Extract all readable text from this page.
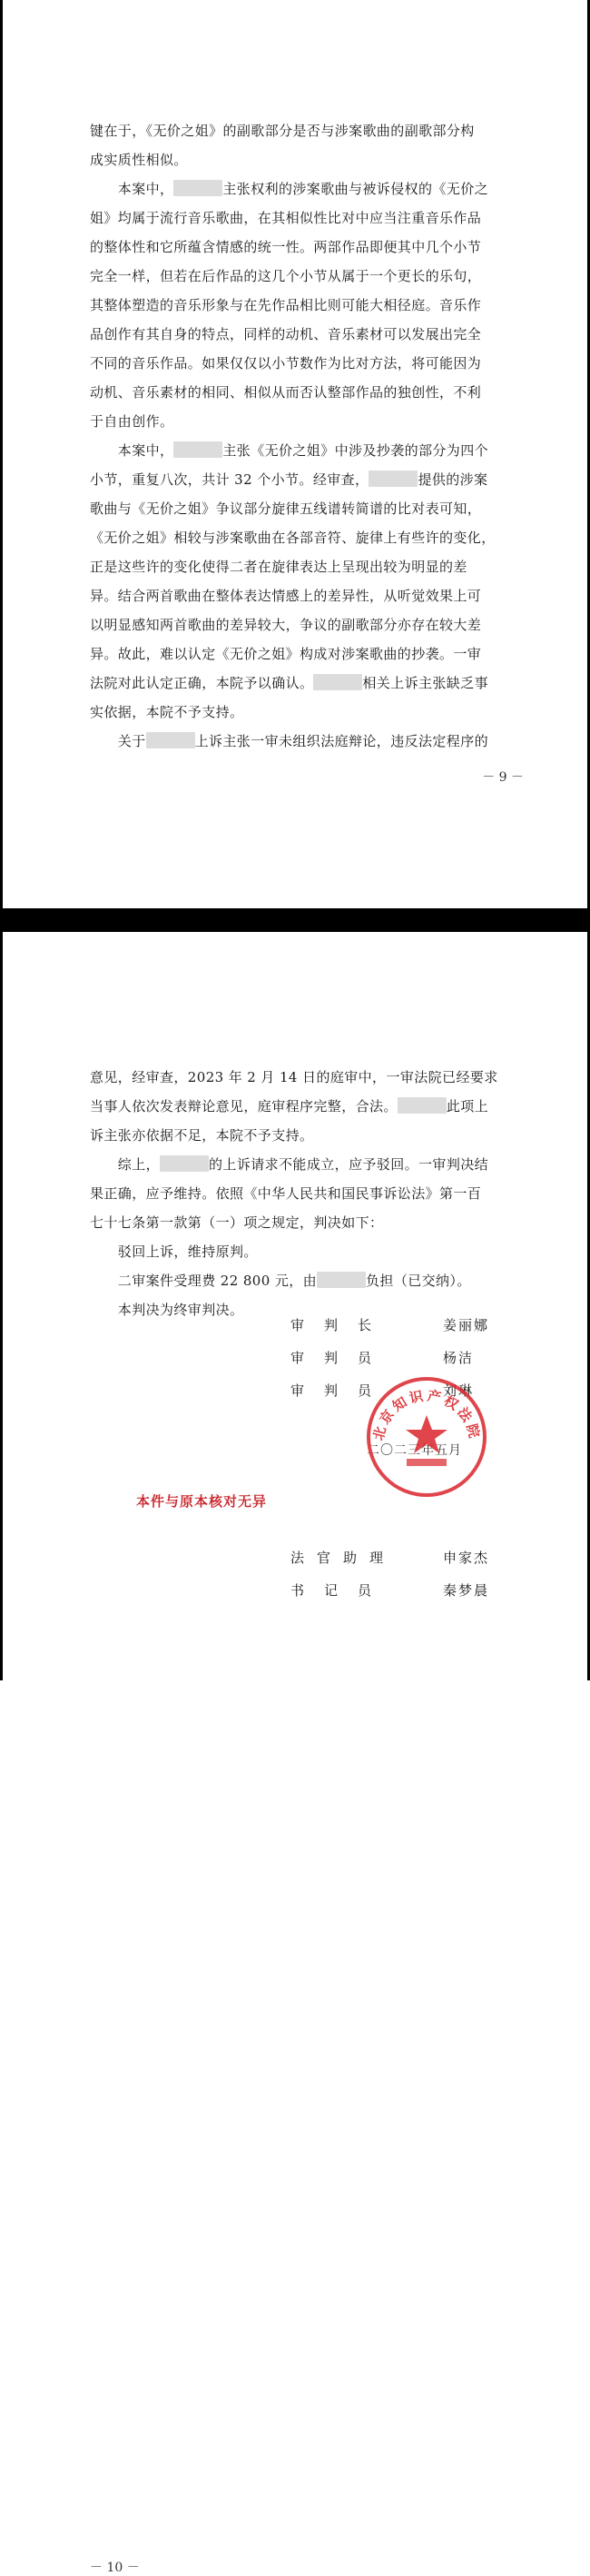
键在于，《无价之姐》的副歌部分是否与涉案歌曲的副歌部分构
成实质性相似。
　　本案中，	主张权利的涉案歌曲与被诉侵权的《无价之
姐》均属于流行音乐歌曲，在其相似性比对中应当注重音乐作品
的整体性和它所蕴含情感的统一性。两部作品即便其中几个小节
完全一样，但若在后作品的这几个小节从属于一个更长的乐句，
其整体塑造的音乐形象与在先作品相比则可能大相径庭。音乐作
品创作有其自身的特点，同样的动机、音乐素材可以发展出完全
不同的音乐作品。如果仅仅以小节数作为比对方法，将可能因为
动机、音乐素材的相同、相似从而否认整部作品的独创性，不利
于自由创作。
　　本案中，	主张《无价之姐》中涉及抄袭的部分为四个
小节，重复八次，共计 32 个小节。经审查，	提供的涉案
歌曲与《无价之姐》争议部分旋律五线谱转简谱的比对表可知，
《无价之姐》相较与涉案歌曲在各部音符、旋律上有些许的变化，
正是这些许的变化使得二者在旋律表达上呈现出较为明显的差
异。结合两首歌曲在整体表达情感上的差异性，从听觉效果上可
以明显感知两首歌曲的差异较大，争议的副歌部分亦存在较大差
异。故此，难以认定《无价之姐》构成对涉案歌曲的抄袭。一审
法院对此认定正确，本院予以确认。	相关上诉主张缺乏事
实依据，本院不予支持。
　　关于	上诉主张一审未组织法庭辩论，违反法定程序的
－ 9 －
意见，经审查，2023 年 2 月 14 日的庭审中，一审法院已经要求
当事人依次发表辩论意见，庭审程序完整，合法。	此项上
诉主张亦依据不足，本院不予支持。
　　综上，	的上诉请求不能成立，应予驳回。一审判决结
果正确，应予维持。依照《中华人民共和国民事诉讼法》第一百
七十七条第一款第（一）项之规定，判决如下：
　　驳回上诉，维持原判。
　　二审案件受理费 22 800 元，由	负担（已交纳）。
　　本判决为终审判决。
－ 10 －
审判长	姜丽娜
审判员	杨洁
审判员	刘琳
二〇二三年五月
北京知识产权法院
本件与原本核对无异
法官助理	申家杰
书记员	秦梦晨
